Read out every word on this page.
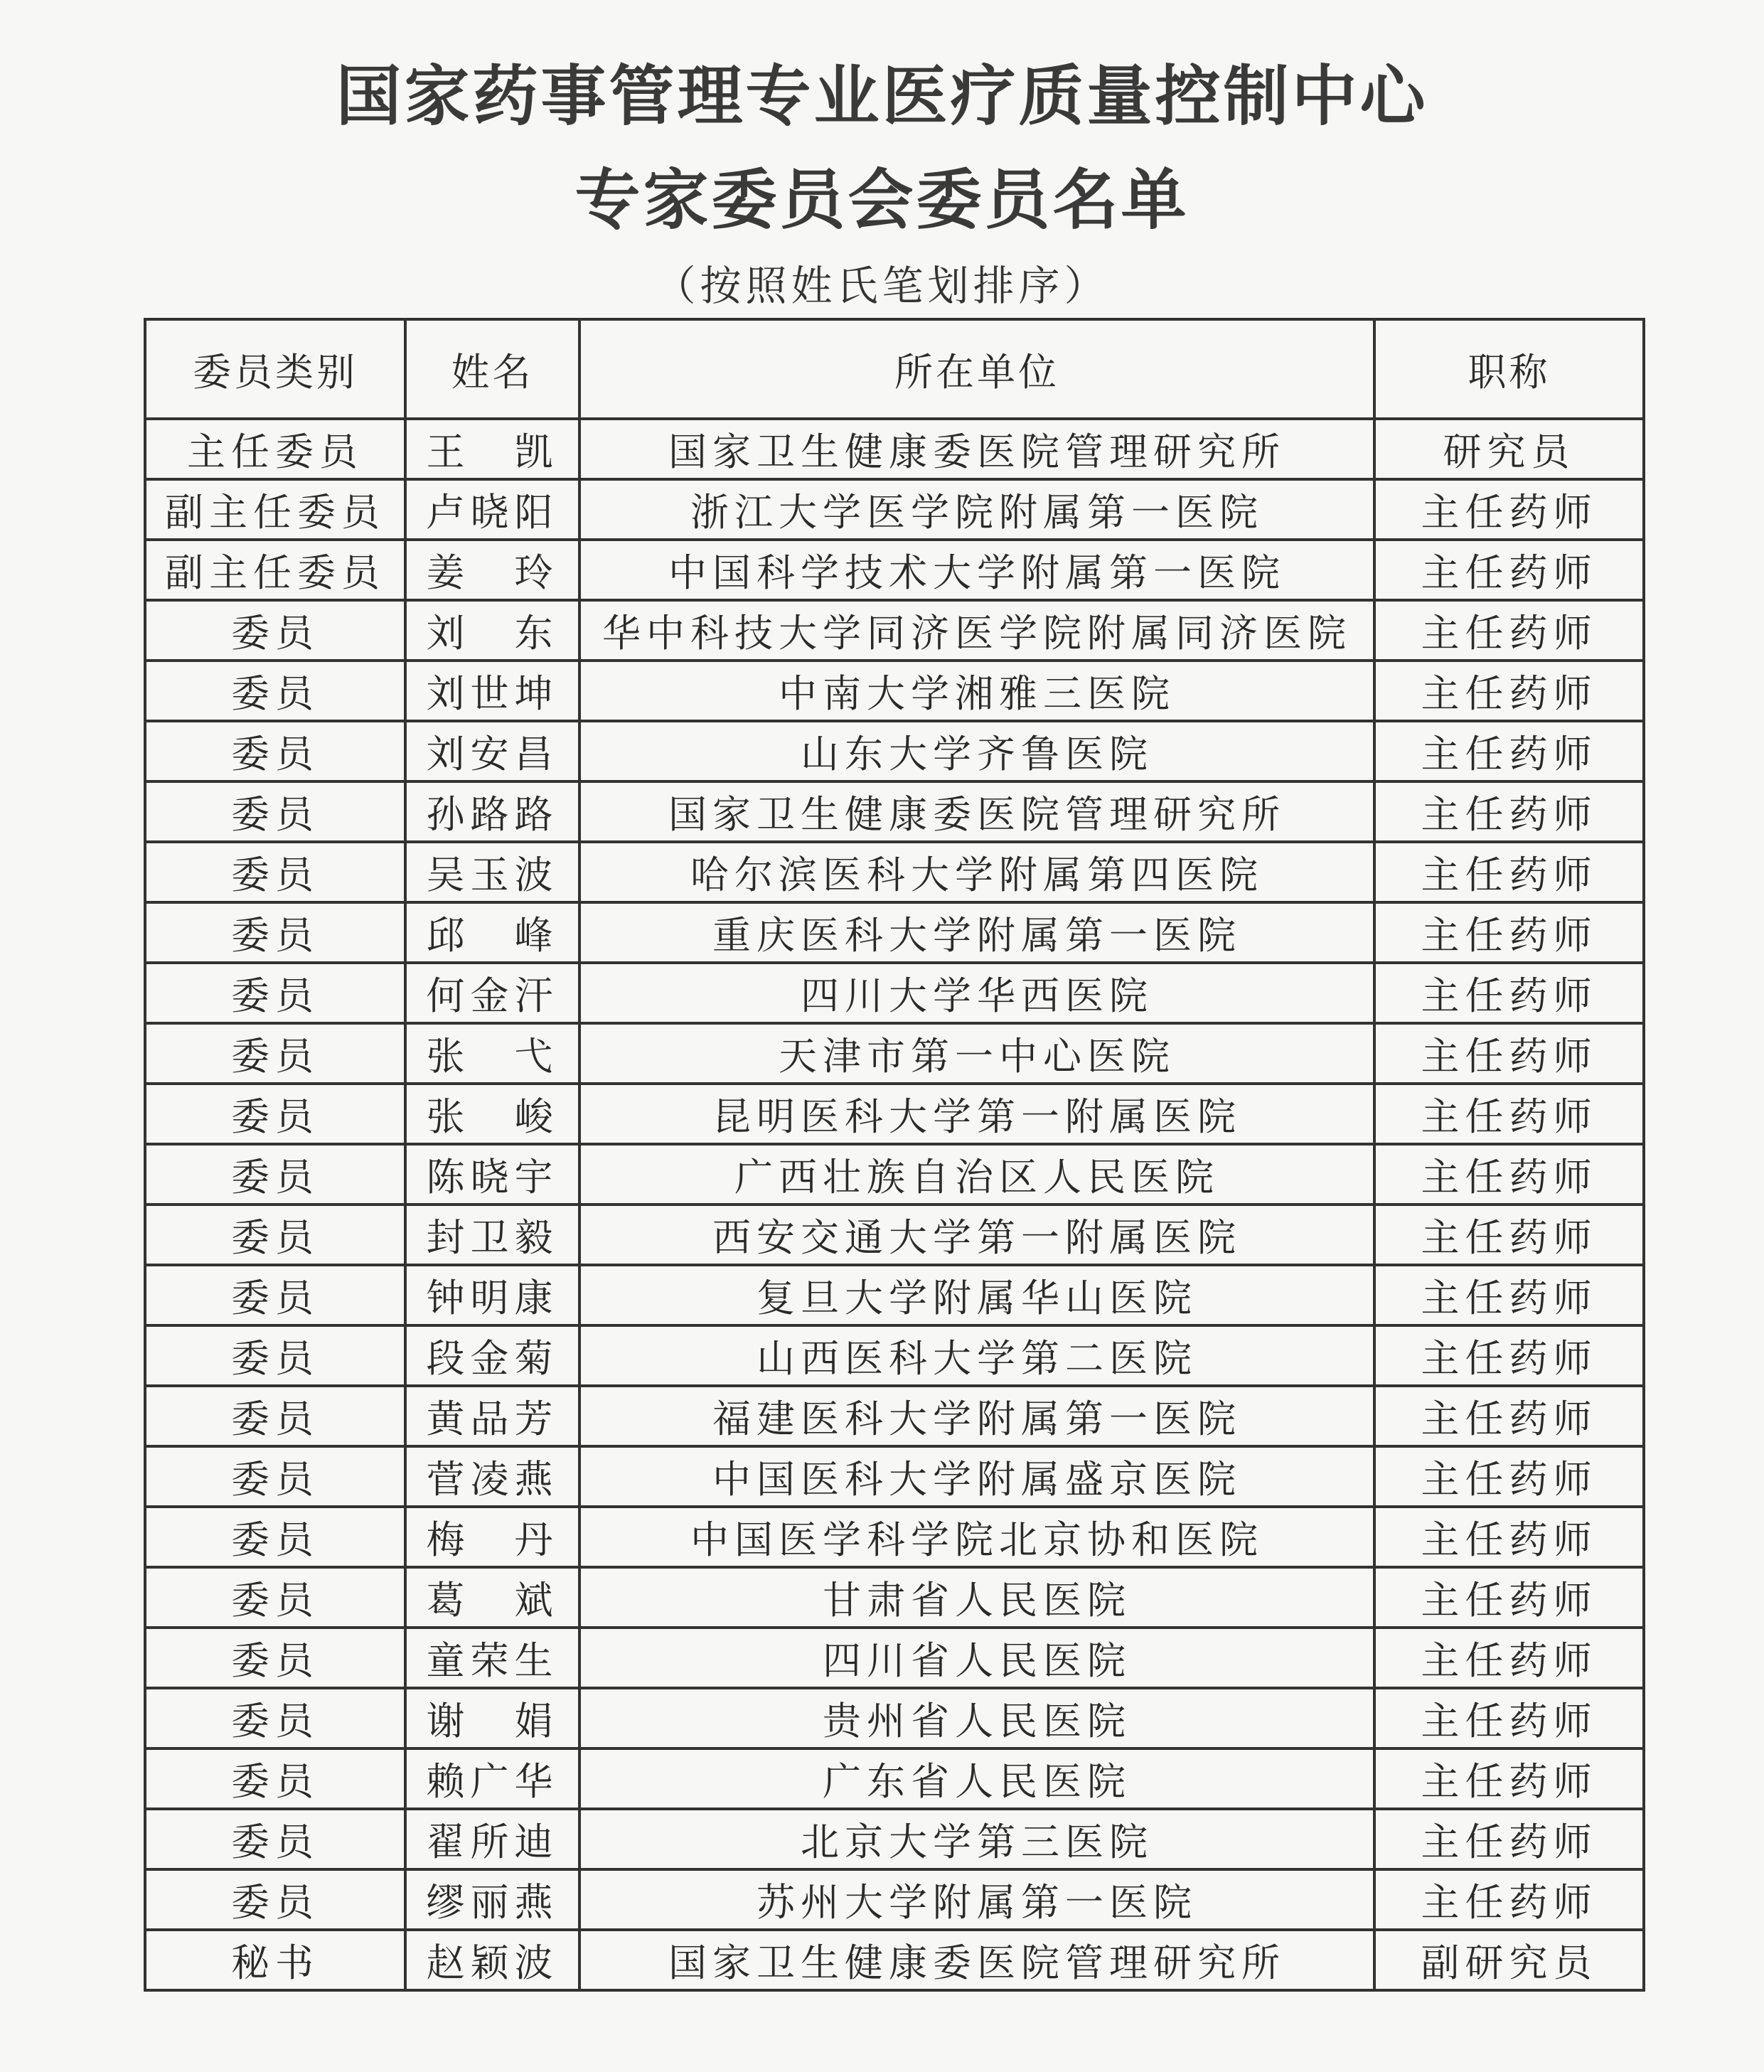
国家药事管理专业医疗质量控制中心
专家委员会委员名单
（按照姓氏笔划排序）
委员类别	姓名	所在单位	职称
主任委员	王　凯	国家卫生健康委医院管理研究所	研究员
副主任委员	卢晓阳	浙江大学医学院附属第一医院	主任药师
副主任委员	姜　玲	中国科学技术大学附属第一医院	主任药师
委员	刘　东	华中科技大学同济医学院附属同济医院	主任药师
委员	刘世坤	中南大学湘雅三医院	主任药师
委员	刘安昌	山东大学齐鲁医院	主任药师
委员	孙路路	国家卫生健康委医院管理研究所	主任药师
委员	吴玉波	哈尔滨医科大学附属第四医院	主任药师
委员	邱　峰	重庆医科大学附属第一医院	主任药师
委员	何金汗	四川大学华西医院	主任药师
委员	张　弋	天津市第一中心医院	主任药师
委员	张　峻	昆明医科大学第一附属医院	主任药师
委员	陈晓宇	广西壮族自治区人民医院	主任药师
委员	封卫毅	西安交通大学第一附属医院	主任药师
委员	钟明康	复旦大学附属华山医院	主任药师
委员	段金菊	山西医科大学第二医院	主任药师
委员	黄品芳	福建医科大学附属第一医院	主任药师
委员	菅凌燕	中国医科大学附属盛京医院	主任药师
委员	梅　丹	中国医学科学院北京协和医院	主任药师
委员	葛　斌	甘肃省人民医院	主任药师
委员	童荣生	四川省人民医院	主任药师
委员	谢　娟	贵州省人民医院	主任药师
委员	赖广华	广东省人民医院	主任药师
委员	翟所迪	北京大学第三医院	主任药师
委员	缪丽燕	苏州大学附属第一医院	主任药师
秘书	赵颖波	国家卫生健康委医院管理研究所	副研究员
